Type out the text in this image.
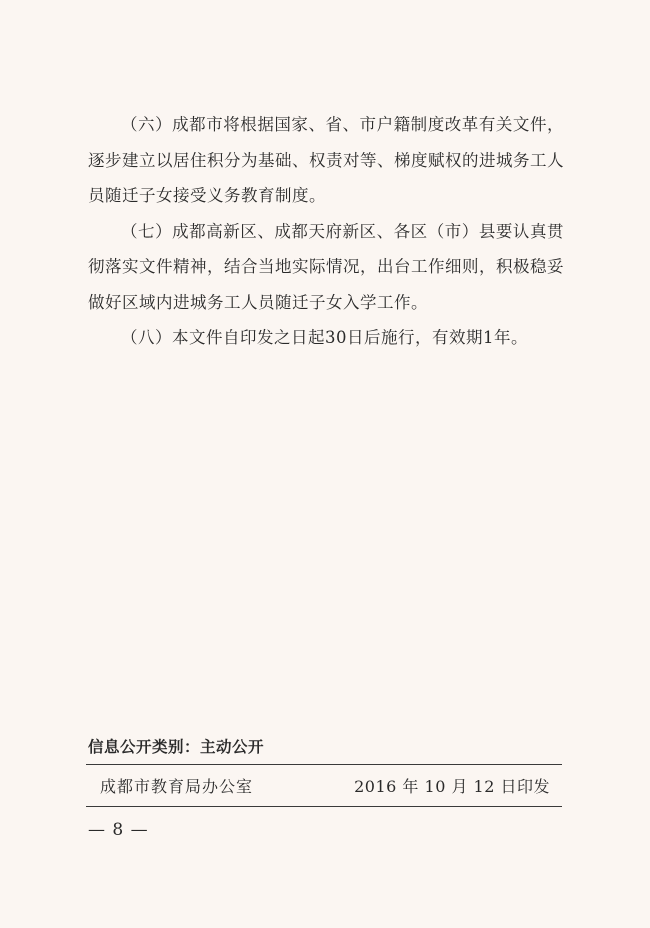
（六）成都市将根据国家、省、市户籍制度改革有关文件，逐步建立以居住积分为基础、权责对等、梯度赋权的进城务工人员随迁子女接受义务教育制度。

（七）成都高新区、成都天府新区、各区（市）县要认真贯彻落实文件精神，结合当地实际情况，出台工作细则，积极稳妥做好区域内进城务工人员随迁子女入学工作。

（八）本文件自印发之日起30日后施行，有效期1年。

信息公开类别：主动公开
成都市教育局办公室	2016 年 10 月 12 日印发
— 8 —
